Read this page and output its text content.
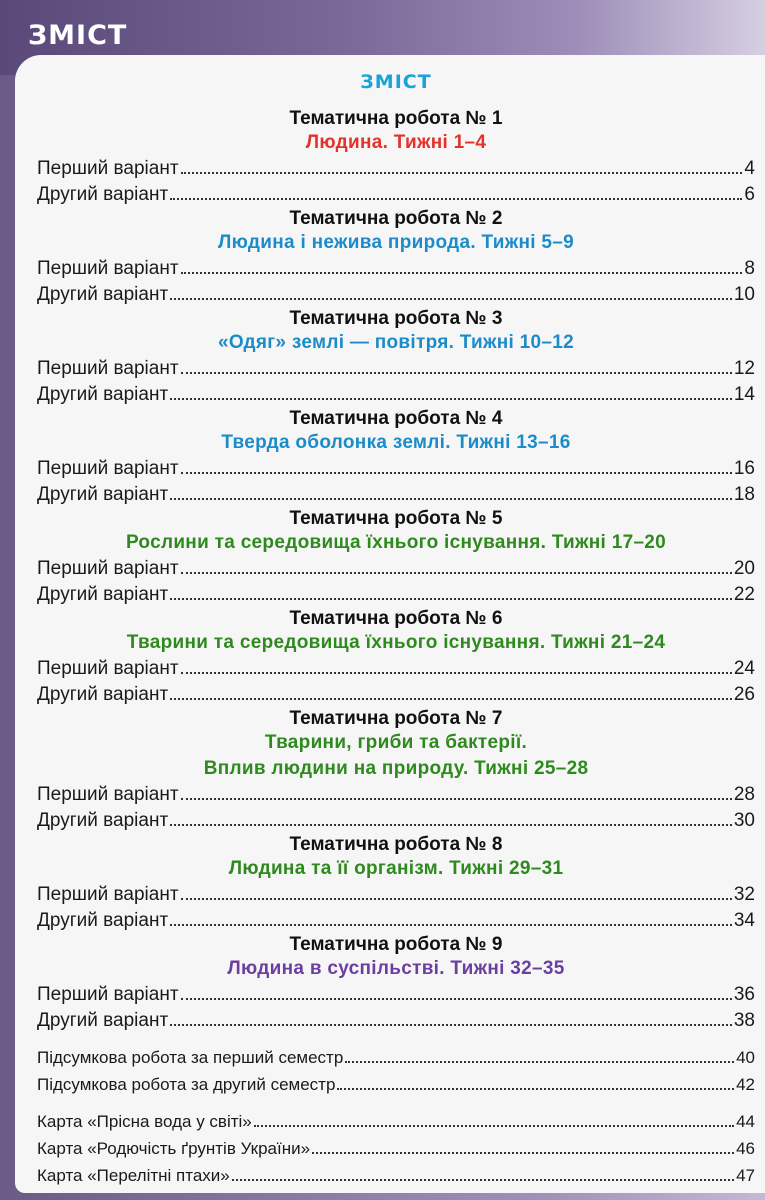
ЗМІСТ
ЗМІСТ
Тематична робота № 1
Людина. Тижні 1–4
Перший варіант	4
Другий варіант	6
Тематична робота № 2
Людина і нежива природа. Тижні 5–9
Перший варіант	8
Другий варіант	10
Тематична робота № 3
«Одяг» землі — повітря. Тижні 10–12
Перший варіант	12
Другий варіант	14
Тематична робота № 4
Тверда оболонка землі. Тижні 13–16
Перший варіант	16
Другий варіант	18
Тематична робота № 5
Рослини та середовища їхнього існування. Тижні 17–20
Перший варіант	20
Другий варіант	22
Тематична робота № 6
Тварини та середовища їхнього існування. Тижні 21–24
Перший варіант	24
Другий варіант	26
Тематична робота № 7
Тварини, гриби та бактерії.
Вплив людини на природу. Тижні 25–28
Перший варіант	28
Другий варіант	30
Тематична робота № 8
Людина та її організм. Тижні 29–31
Перший варіант	32
Другий варіант	34
Тематична робота № 9
Людина в суспільстві. Тижні 32–35
Перший варіант	36
Другий варіант	38
Підсумкова робота за перший семестр	40
Підсумкова робота за другий семестр	42
Карта «Прісна вода у світі»	44
Карта «Родючість ґрунтів України»	46
Карта «Перелітні птахи»	47
